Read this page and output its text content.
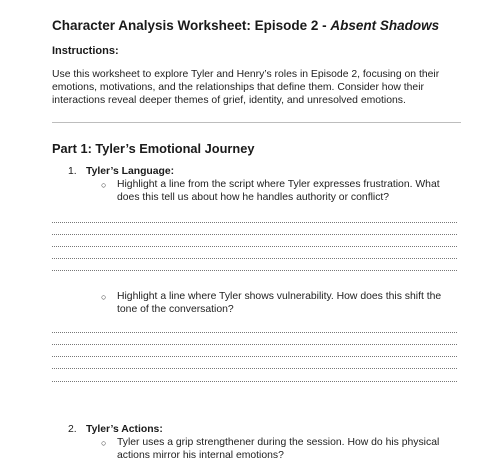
Character Analysis Worksheet: Episode 2 - Absent Shadows
Instructions:
Use this worksheet to explore Tyler and Henry’s roles in Episode 2, focusing on their emotions, motivations, and the relationships that define them. Consider how their interactions reveal deeper themes of grief, identity, and unresolved emotions.
Part 1: Tyler’s Emotional Journey
1. Tyler’s Language:
○ Highlight a line from the script where Tyler expresses frustration. What does this tell us about how he handles authority or conflict?
○ Highlight a line where Tyler shows vulnerability. How does this shift the tone of the conversation?
2. Tyler’s Actions:
○ Tyler uses a grip strengthener during the session. How do his physical actions mirror his internal emotions?
